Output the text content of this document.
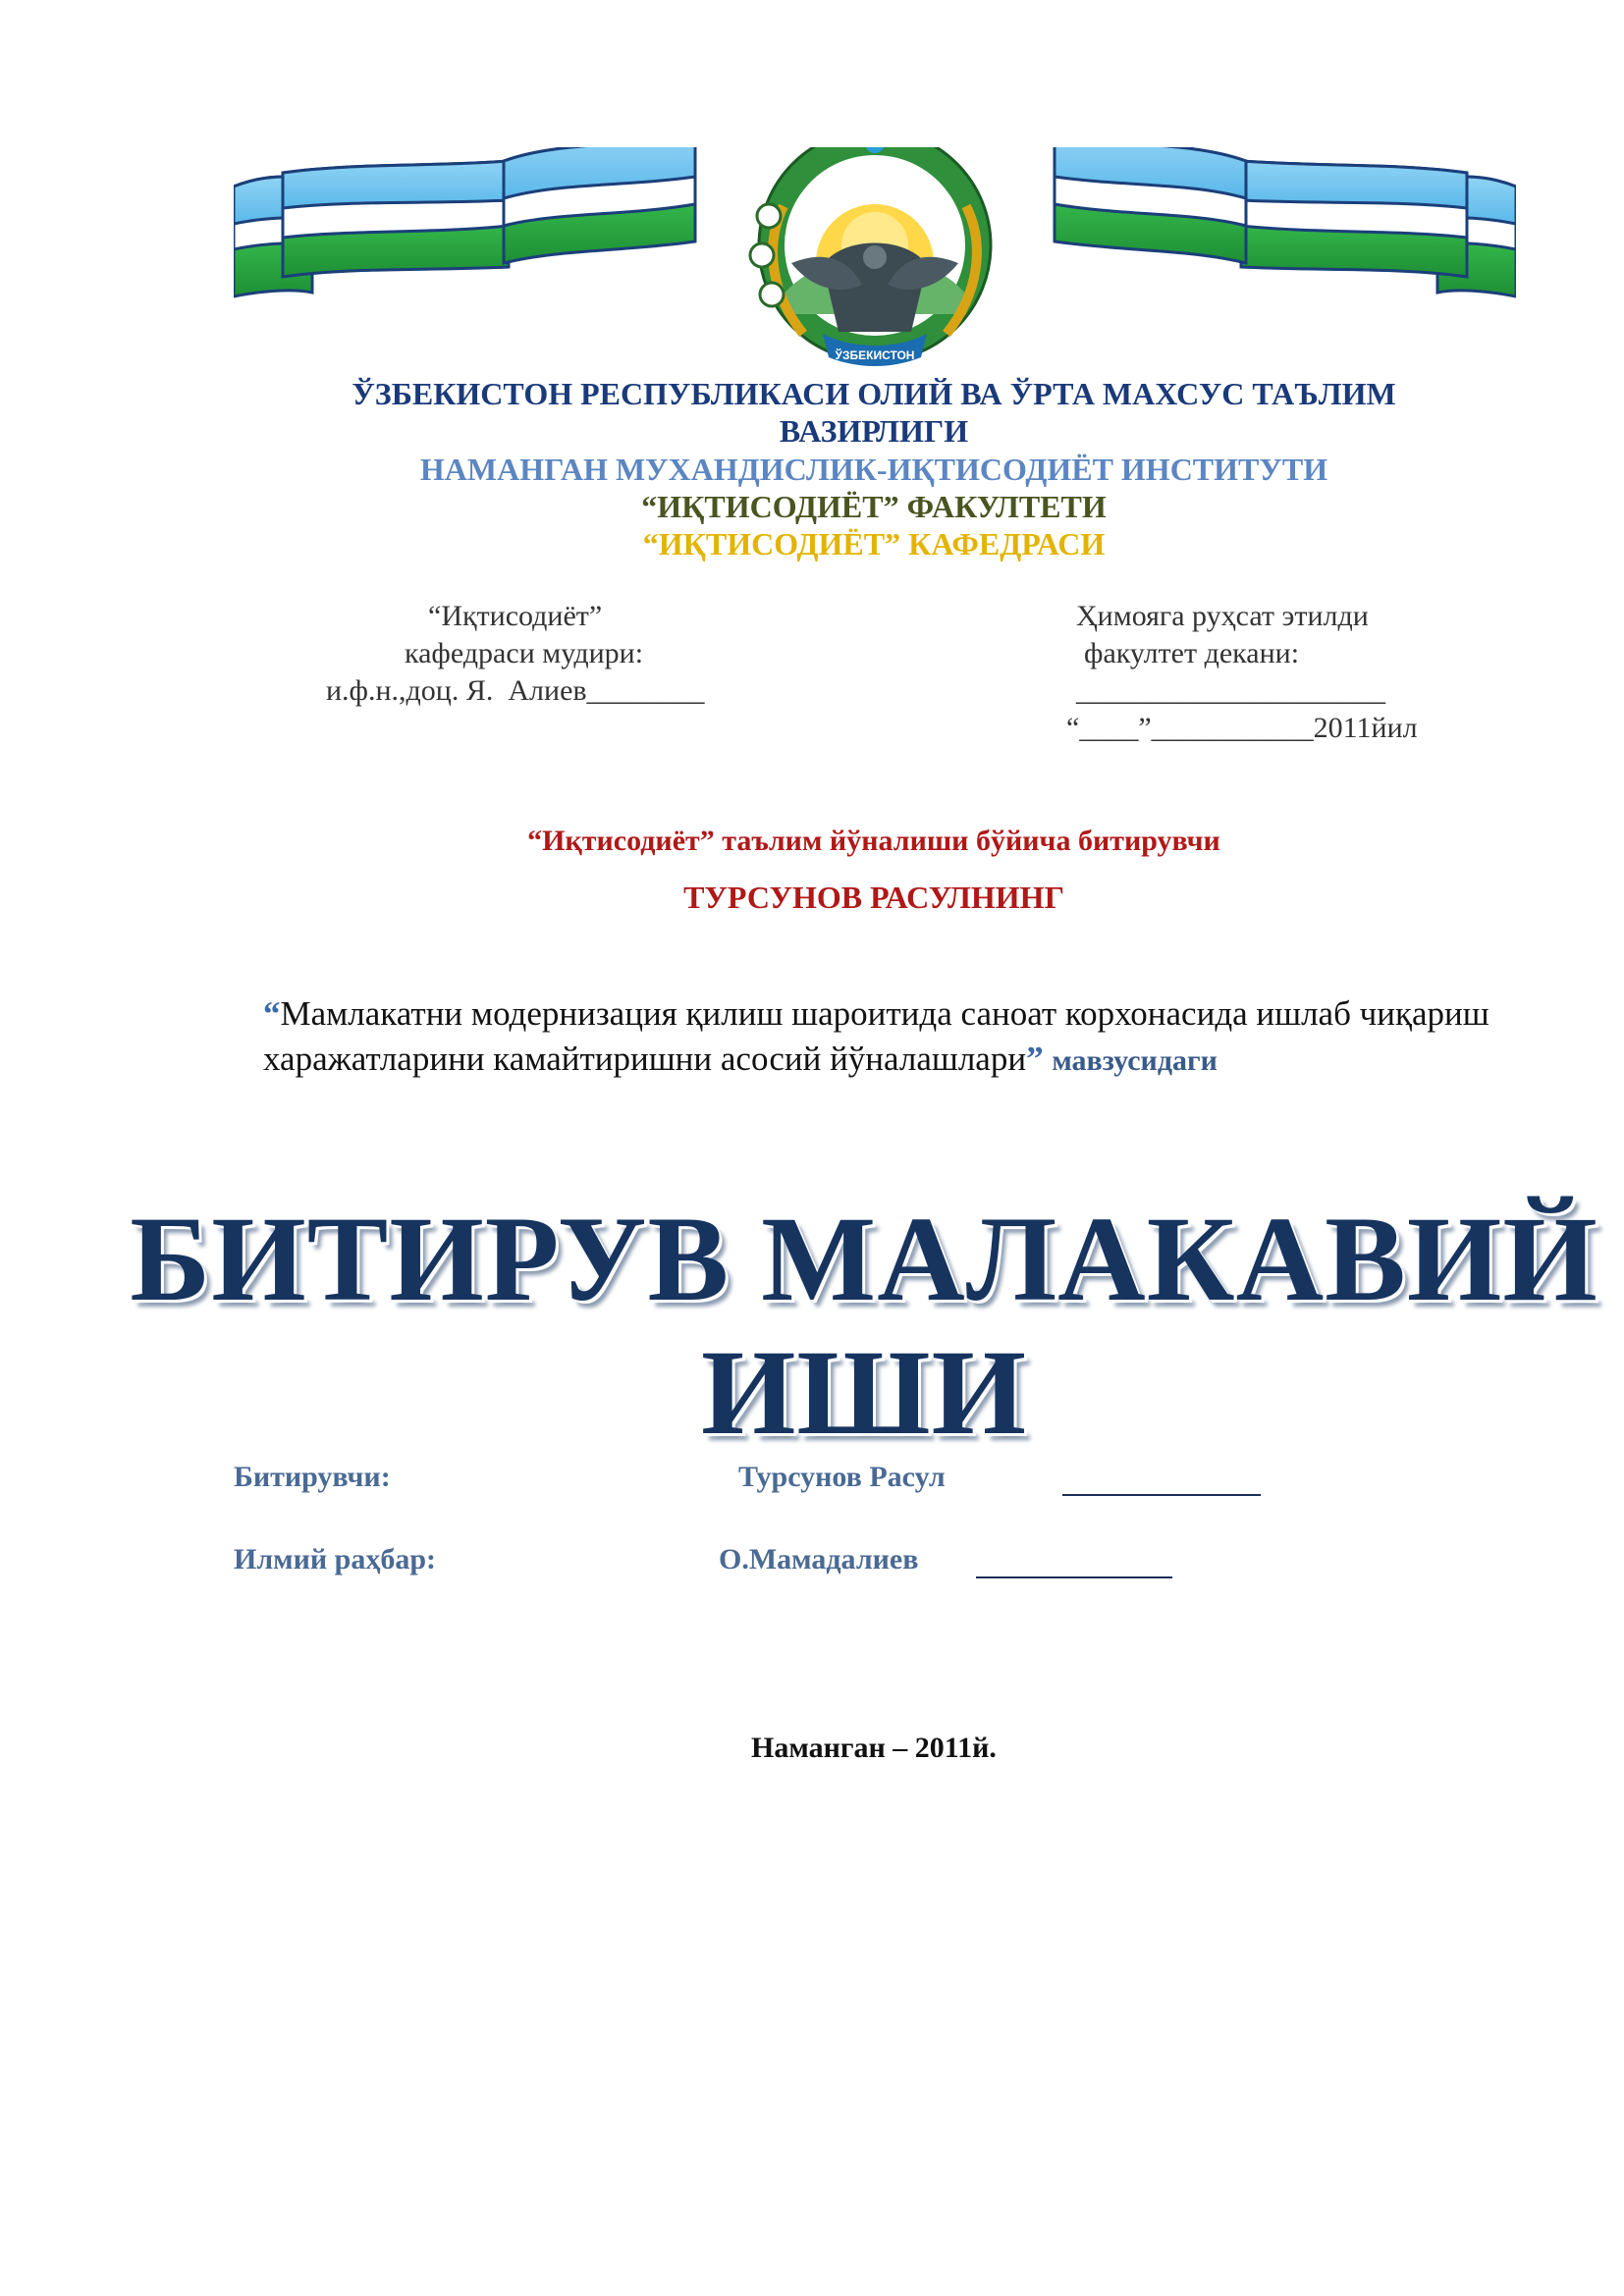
ЎЗБЕКИСТОН
ЎЗБЕКИСТОН РЕСПУБЛИКАСИ ОЛИЙ ВА ЎРТА МАХСУС ТАЪЛИМ
ВАЗИРЛИГИ
НАМАНГАН МУХАНДИСЛИК-ИҚТИСОДИЁТ ИНСТИТУТИ
“ИҚТИСОДИЁТ” ФАКУЛТЕТИ
“ИҚТИСОДИЁТ” КАФЕДРАСИ
“Иқтисодиёт”
кафедраси мудири:
и.ф.н.,доц. Я.  Алиев________
Ҳимояга руҳсат этилди
факултет декани:
_____________________
“____”___________2011йил
“Иқтисодиёт” таълим йўналиши бўйича битирувчи
ТУРСУНОВ РАСУЛНИНГ
“Мамлакатни модернизация қилиш шароитида саноат корхонасида ишлаб чиқариш харажатларини камайтиришни асосий йўналашлари” мавзусидаги
БИТИРУВ МАЛАКАВИЙ
ИШИ
Битирувчи:	Турсунов Расул
Илмий раҳбар:	О.Мамадалиев
Наманган – 2011й.
